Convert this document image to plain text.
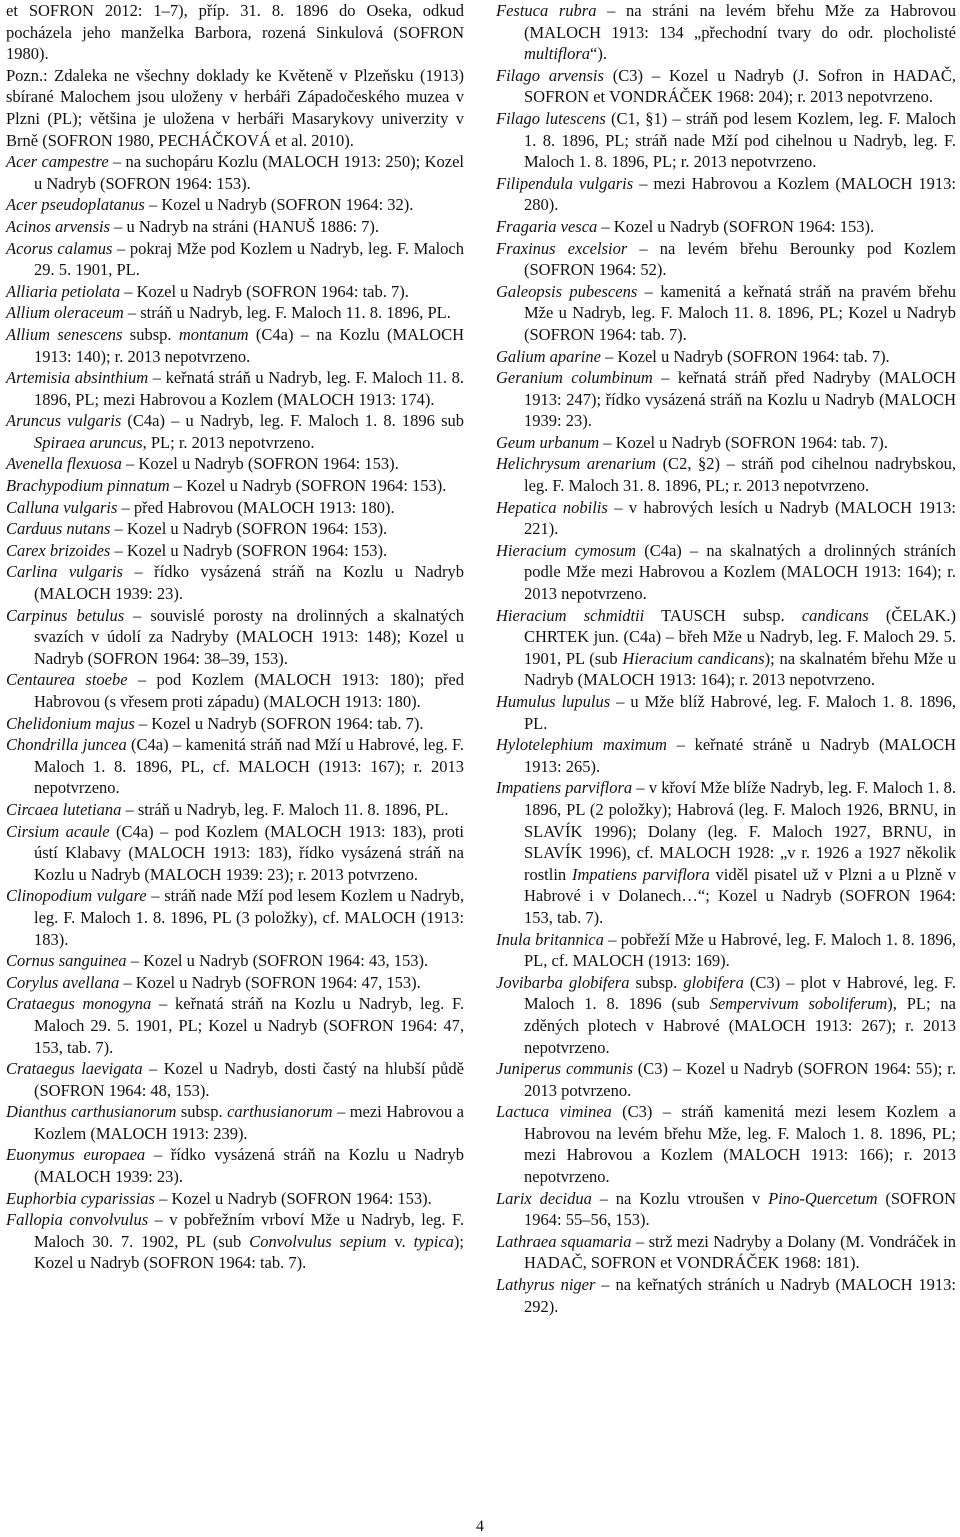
et SOFRON 2012: 1–7), příp. 31. 8. 1896 do Oseka, odkud pocházela jeho manželka Barbora, rozená Sinkulová (SOFRON 1980).

Pozn.: Zdaleka ne všechny doklady ke Květeně v Plzeňsku (1913) sbírané Malochem jsou uloženy v herbáři Západočeského muzea v Plzni (PL); většina je uložena v herbáři Masarykovy univerzity v Brně (SOFRON 1980, PECHÁČKOVÁ et al. 2010).

Acer campestre – na suchopáru Kozlu (MALOCH 1913: 250); Kozel u Nadryb (SOFRON 1964: 153).

Acer pseudoplatanus – Kozel u Nadryb (SOFRON 1964: 32).

Acinos arvensis – u Nadryb na stráni (HANUŠ 1886: 7).

Acorus calamus – pokraj Mže pod Kozlem u Nadryb, leg. F. Maloch 29. 5. 1901, PL.

Alliaria petiolata – Kozel u Nadryb (SOFRON 1964: tab. 7).

Allium oleraceum – stráň u Nadryb, leg. F. Maloch 11. 8. 1896, PL.

Allium senescens subsp. montanum (C4a) – na Kozlu (MALOCH 1913: 140); r. 2013 nepotvrzeno.

Artemisia absinthium – keřnatá stráň u Nadryb, leg. F. Maloch 11. 8. 1896, PL; mezi Habrovou a Kozlem (MALOCH 1913: 174).

Aruncus vulgaris (C4a) – u Nadryb, leg. F. Maloch 1. 8. 1896 sub Spiraea aruncus, PL; r. 2013 nepotvrzeno.

Avenella flexuosa – Kozel u Nadryb (SOFRON 1964: 153).

Brachypodium pinnatum – Kozel u Nadryb (SOFRON 1964: 153).

Calluna vulgaris – před Habrovou (MALOCH 1913: 180).

Carduus nutans – Kozel u Nadryb (SOFRON 1964: 153).

Carex brizoides – Kozel u Nadryb (SOFRON 1964: 153).

Carlina vulgaris – řídko vysázená stráň na Kozlu u Nadryb (MALOCH 1939: 23).

Carpinus betulus – souvislé porosty na drolinných a skalnatých svazích v údolí za Nadryby (MALOCH 1913: 148); Kozel u Nadryb (SOFRON 1964: 38–39, 153).

Centaurea stoebe – pod Kozlem (MALOCH 1913: 180); před Habrovou (s vřesem proti západu) (MALOCH 1913: 180).

Chelidonium majus – Kozel u Nadryb (SOFRON 1964: tab. 7).

Chondrilla juncea (C4a) – kamenitá stráň nad Mží u Habrové, leg. F. Maloch 1. 8. 1896, PL, cf. MALOCH (1913: 167); r. 2013 nepotvrzeno.

Circaea lutetiana – stráň u Nadryb, leg. F. Maloch 11. 8. 1896, PL.

Cirsium acaule (C4a) – pod Kozlem (MALOCH 1913: 183), proti ústí Klabavy (MALOCH 1913: 183), řídko vysázená stráň na Kozlu u Nadryb (MALOCH 1939: 23); r. 2013 potvrzeno.

Clinopodium vulgare – stráň nade Mží pod lesem Kozlem u Nadryb, leg. F. Maloch 1. 8. 1896, PL (3 položky), cf. MALOCH (1913: 183).

Cornus sanguinea – Kozel u Nadryb (SOFRON 1964: 43, 153).

Corylus avellana – Kozel u Nadryb (SOFRON 1964: 47, 153).

Crataegus monogyna – keřnatá stráň na Kozlu u Nadryb, leg. F. Maloch 29. 5. 1901, PL; Kozel u Nadryb (SOFRON 1964: 47, 153, tab. 7).

Crataegus laevigata – Kozel u Nadryb, dosti častý na hlubší půdě (SOFRON 1964: 48, 153).

Dianthus carthusianorum subsp. carthusianorum – mezi Habrovou a Kozlem (MALOCH 1913: 239).

Euonymus europaea – řídko vysázená stráň na Kozlu u Nadryb (MALOCH 1939: 23).

Euphorbia cyparissias – Kozel u Nadryb (SOFRON 1964: 153).

Fallopia convolvulus – v pobřežním vrboví Mže u Nadryb, leg. F. Maloch 30. 7. 1902, PL (sub Convolvulus sepium v. typica); Kozel u Nadryb (SOFRON 1964: tab. 7).

Festuca rubra – na stráni na levém břehu Mže za Habrovou (MALOCH 1913: 134 „přechodní tvary do odr. plocholisté multiflora“).

Filago arvensis (C3) – Kozel u Nadryb (J. Sofron in HADAČ, SOFRON et VONDRÁČEK 1968: 204); r. 2013 nepotvrzeno.

Filago lutescens (C1, §1) – stráň pod lesem Kozlem, leg. F. Maloch 1. 8. 1896, PL; stráň nade Mží pod cihelnou u Nadryb, leg. F. Maloch 1. 8. 1896, PL; r. 2013 nepotvrzeno.

Filipendula vulgaris – mezi Habrovou a Kozlem (MALOCH 1913: 280).

Fragaria vesca – Kozel u Nadryb (SOFRON 1964: 153).

Fraxinus excelsior – na levém břehu Berounky pod Kozlem (SOFRON 1964: 52).

Galeopsis pubescens – kamenitá a keřnatá stráň na pravém břehu Mže u Nadryb, leg. F. Maloch 11. 8. 1896, PL; Kozel u Nadryb (SOFRON 1964: tab. 7).

Galium aparine – Kozel u Nadryb (SOFRON 1964: tab. 7).

Geranium columbinum – keřnatá stráň před Nadryby (MALOCH 1913: 247); řídko vysázená stráň na Kozlu u Nadryb (MALOCH 1939: 23).

Geum urbanum – Kozel u Nadryb (SOFRON 1964: tab. 7).

Helichrysum arenarium (C2, §2) – stráň pod cihelnou nadrybskou, leg. F. Maloch 31. 8. 1896, PL; r. 2013 nepotvrzeno.

Hepatica nobilis – v habrových lesích u Nadryb (MALOCH 1913: 221).

Hieracium cymosum (C4a) – na skalnatých a drolinných stráních podle Mže mezi Habrovou a Kozlem (MALOCH 1913: 164); r. 2013 nepotvrzeno.

Hieracium schmidtii TAUSCH subsp. candicans (ČELAK.) CHRTEK jun. (C4a) – břeh Mže u Nadryb, leg. F. Maloch 29. 5. 1901, PL (sub Hieracium candicans); na skalnatém břehu Mže u Nadryb (MALOCH 1913: 164); r. 2013 nepotvrzeno.

Humulus lupulus – u Mže blíž Habrové, leg. F. Maloch 1. 8. 1896, PL.

Hylotelephium maximum – keřnaté stráně u Nadryb (MALOCH 1913: 265).

Impatiens parviflora – v křoví Mže blíže Nadryb, leg. F. Maloch 1. 8. 1896, PL (2 položky); Habrová (leg. F. Maloch 1926, BRNU, in SLAVÍK 1996); Dolany (leg. F. Maloch 1927, BRNU, in SLAVÍK 1996), cf. MALOCH 1928: „v r. 1926 a 1927 několik rostlin Impatiens parviflora viděl pisatel už v Plzni a u Plzně v Habrové i v Dolanech…“; Kozel u Nadryb (SOFRON 1964: 153, tab. 7).

Inula britannica – pobřeží Mže u Habrové, leg. F. Maloch 1. 8. 1896, PL, cf. MALOCH (1913: 169).

Jovibarba globifera subsp. globifera (C3) – plot v Habrové, leg. F. Maloch 1. 8. 1896 (sub Sempervivum soboliferum), PL; na zděných plotech v Habrové (MALOCH 1913: 267); r. 2013 nepotvrzeno.

Juniperus communis (C3) – Kozel u Nadryb (SOFRON 1964: 55); r. 2013 potvrzeno.

Lactuca viminea (C3) – stráň kamenitá mezi lesem Kozlem a Habrovou na levém břehu Mže, leg. F. Maloch 1. 8. 1896, PL; mezi Habrovou a Kozlem (MALOCH 1913: 166); r. 2013 nepotvrzeno.

Larix decidua – na Kozlu vtroušen v Pino-Quercetum (SOFRON 1964: 55–56, 153).

Lathraea squamaria – strž mezi Nadryby a Dolany (M. Vondráček in HADAČ, SOFRON et VONDRÁČEK 1968: 181).

Lathyrus niger – na keřnatých stráních u Nadryb (MALOCH 1913: 292).

4
